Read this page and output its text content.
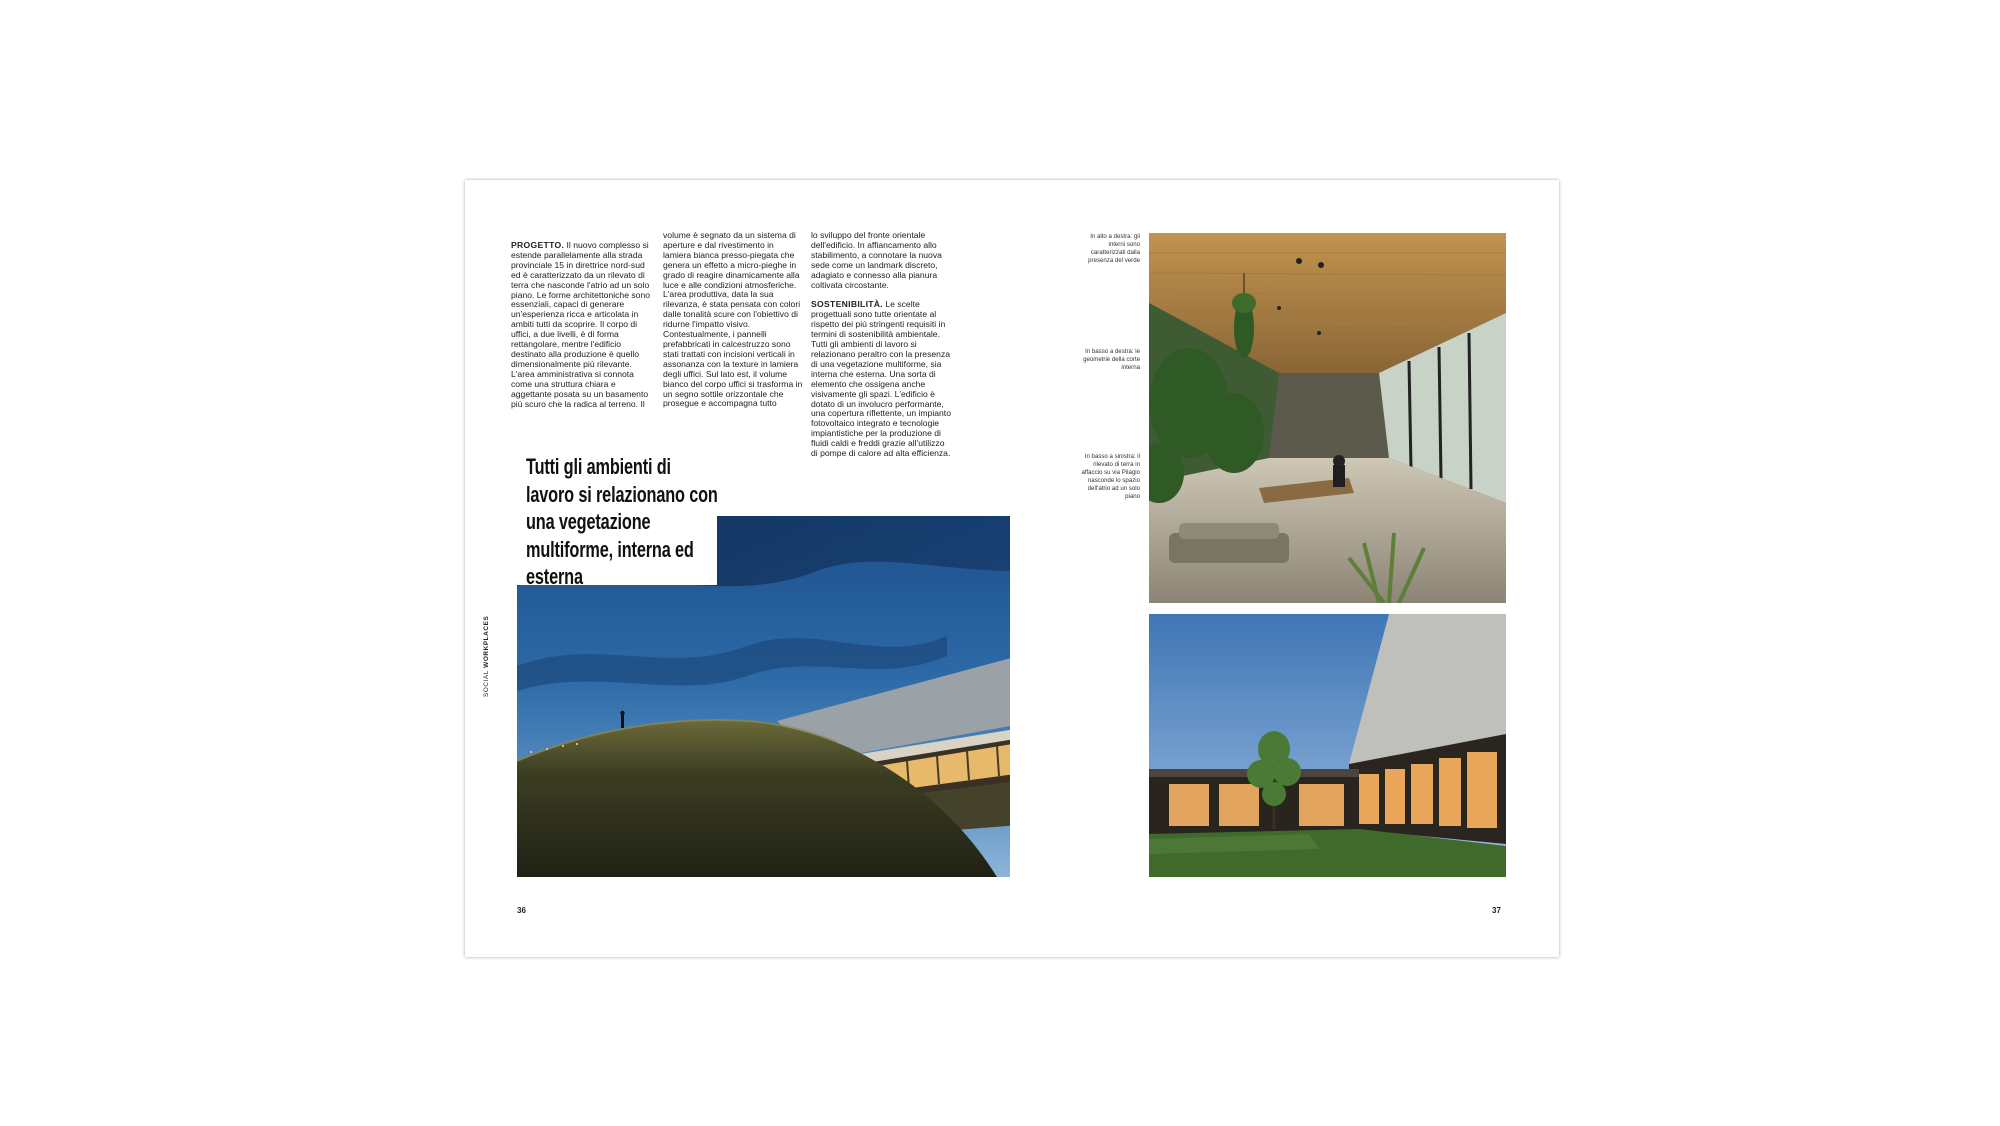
SOCIAL WORKPLACES

PROGETTO. Il nuovo complesso si estende parallelamente alla strada provinciale 15 in direttrice nord-sud ed è caratterizzato da un rilevato di terra che nasconde l'atrio ad un solo piano. Le forme architettoniche sono essenziali, capaci di generare un'esperienza ricca e articolata in ambiti tutti da scoprire. Il corpo di uffici, a due livelli, è di forma rettangolare, mentre l'edificio destinato alla produzione è quello dimensionalmente più rilevante. L'area amministrativa si connota come una struttura chiara e aggettante posata su un basamento più scuro che la radica al terreno. Il

volume è segnato da un sistema di aperture e dal rivestimento in lamiera bianca presso-piegata che genera un effetto a micro-pieghe in grado di reagire dinamicamente alla luce e alle condizioni atmosferiche. L'area produttiva, data la sua rilevanza, è stata pensata con colori dalle tonalità scure con l'obiettivo di ridurne l'impatto visivo. Contestualmente, i pannelli prefabbricati in calcestruzzo sono stati trattati con incisioni verticali in assonanza con la texture in lamiera degli uffici. Sul lato est, il volume bianco del corpo uffici si trasforma in un segno sottile orizzontale che prosegue e accompagna tutto

lo sviluppo del fronte orientale dell'edificio. In affiancamento allo stabilimento, a connotare la nuova sede come un landmark discreto, adagiato e connesso alla pianura coltivata circostante.

SOSTENIBILITÀ. Le scelte progettuali sono tutte orientate al rispetto dei più stringenti requisiti in termini di sostenibilità ambientale. Tutti gli ambienti di lavoro si relazionano peraltro con la presenza di una vegetazione multiforme, sia interna che esterna. Una sorta di elemento che ossigena anche visivamente gli spazi. L'edificio è dotato di un involucro performante, una copertura riflettente, un impianto fotovoltaico integrato e tecnologie impiantistiche per la produzione di fluidi caldi e freddi grazie all'utilizzo di pompe di calore ad alta efficienza.

Tutti gli ambienti di lavoro si relazionano con una vegetazione multiforme, interna ed esterna
36
In alto a destra: gli interni sono caratterizzati dalla presenza del verde
In basso a destra: le geometrie della corte interna
In basso a sinistra: il rilevato di terra in affaccio su via Pilagio nasconde lo spazio dell'atrio ad un solo piano
37
